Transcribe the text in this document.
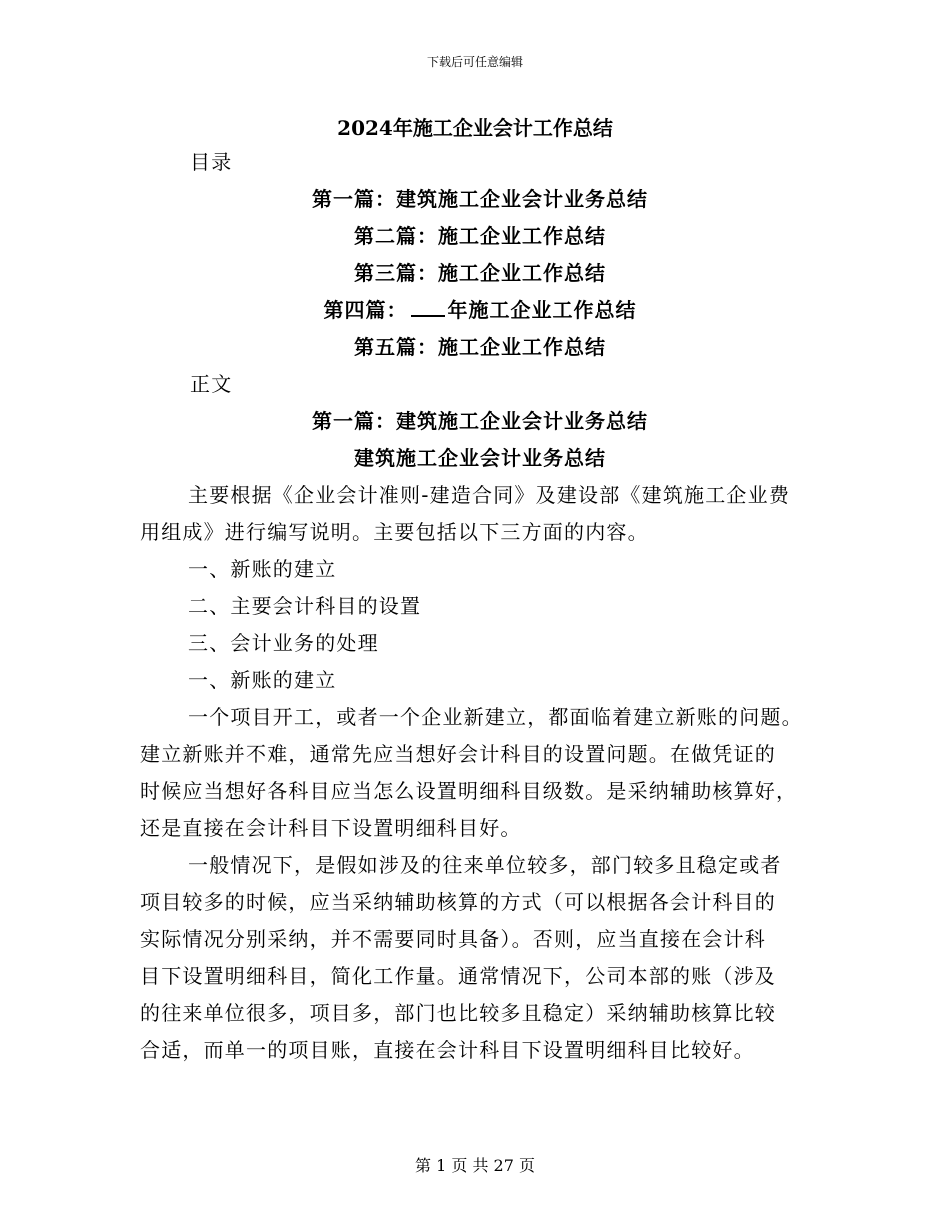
下载后可任意编辑
2024年施工企业会计工作总结
目录
第一篇：建筑施工企业会计业务总结
第二篇：施工企业工作总结
第三篇：施工企业工作总结
第四篇： 年施工企业工作总结
第五篇：施工企业工作总结
正文
第一篇：建筑施工企业会计业务总结
建筑施工企业会计业务总结
主要根据《企业会计准则-建造合同》及建设部《建筑施工企业费
用组成》进行编写说明。主要包括以下三方面的内容。
一、新账的建立
二、主要会计科目的设置
三、会计业务的处理
一、新账的建立
一个项目开工，或者一个企业新建立，都面临着建立新账的问题。
建立新账并不难，通常先应当想好会计科目的设置问题。在做凭证的
时候应当想好各科目应当怎么设置明细科目级数。是采纳辅助核算好，
还是直接在会计科目下设置明细科目好。
一般情况下，是假如涉及的往来单位较多，部门较多且稳定或者
项目较多的时候，应当采纳辅助核算的方式（可以根据各会计科目的
实际情况分别采纳，并不需要同时具备）。否则，应当直接在会计科
目下设置明细科目，简化工作量。通常情况下，公司本部的账（涉及
的往来单位很多，项目多，部门也比较多且稳定）采纳辅助核算比较
合适，而单一的项目账，直接在会计科目下设置明细科目比较好。
第 1 页 共 27 页
